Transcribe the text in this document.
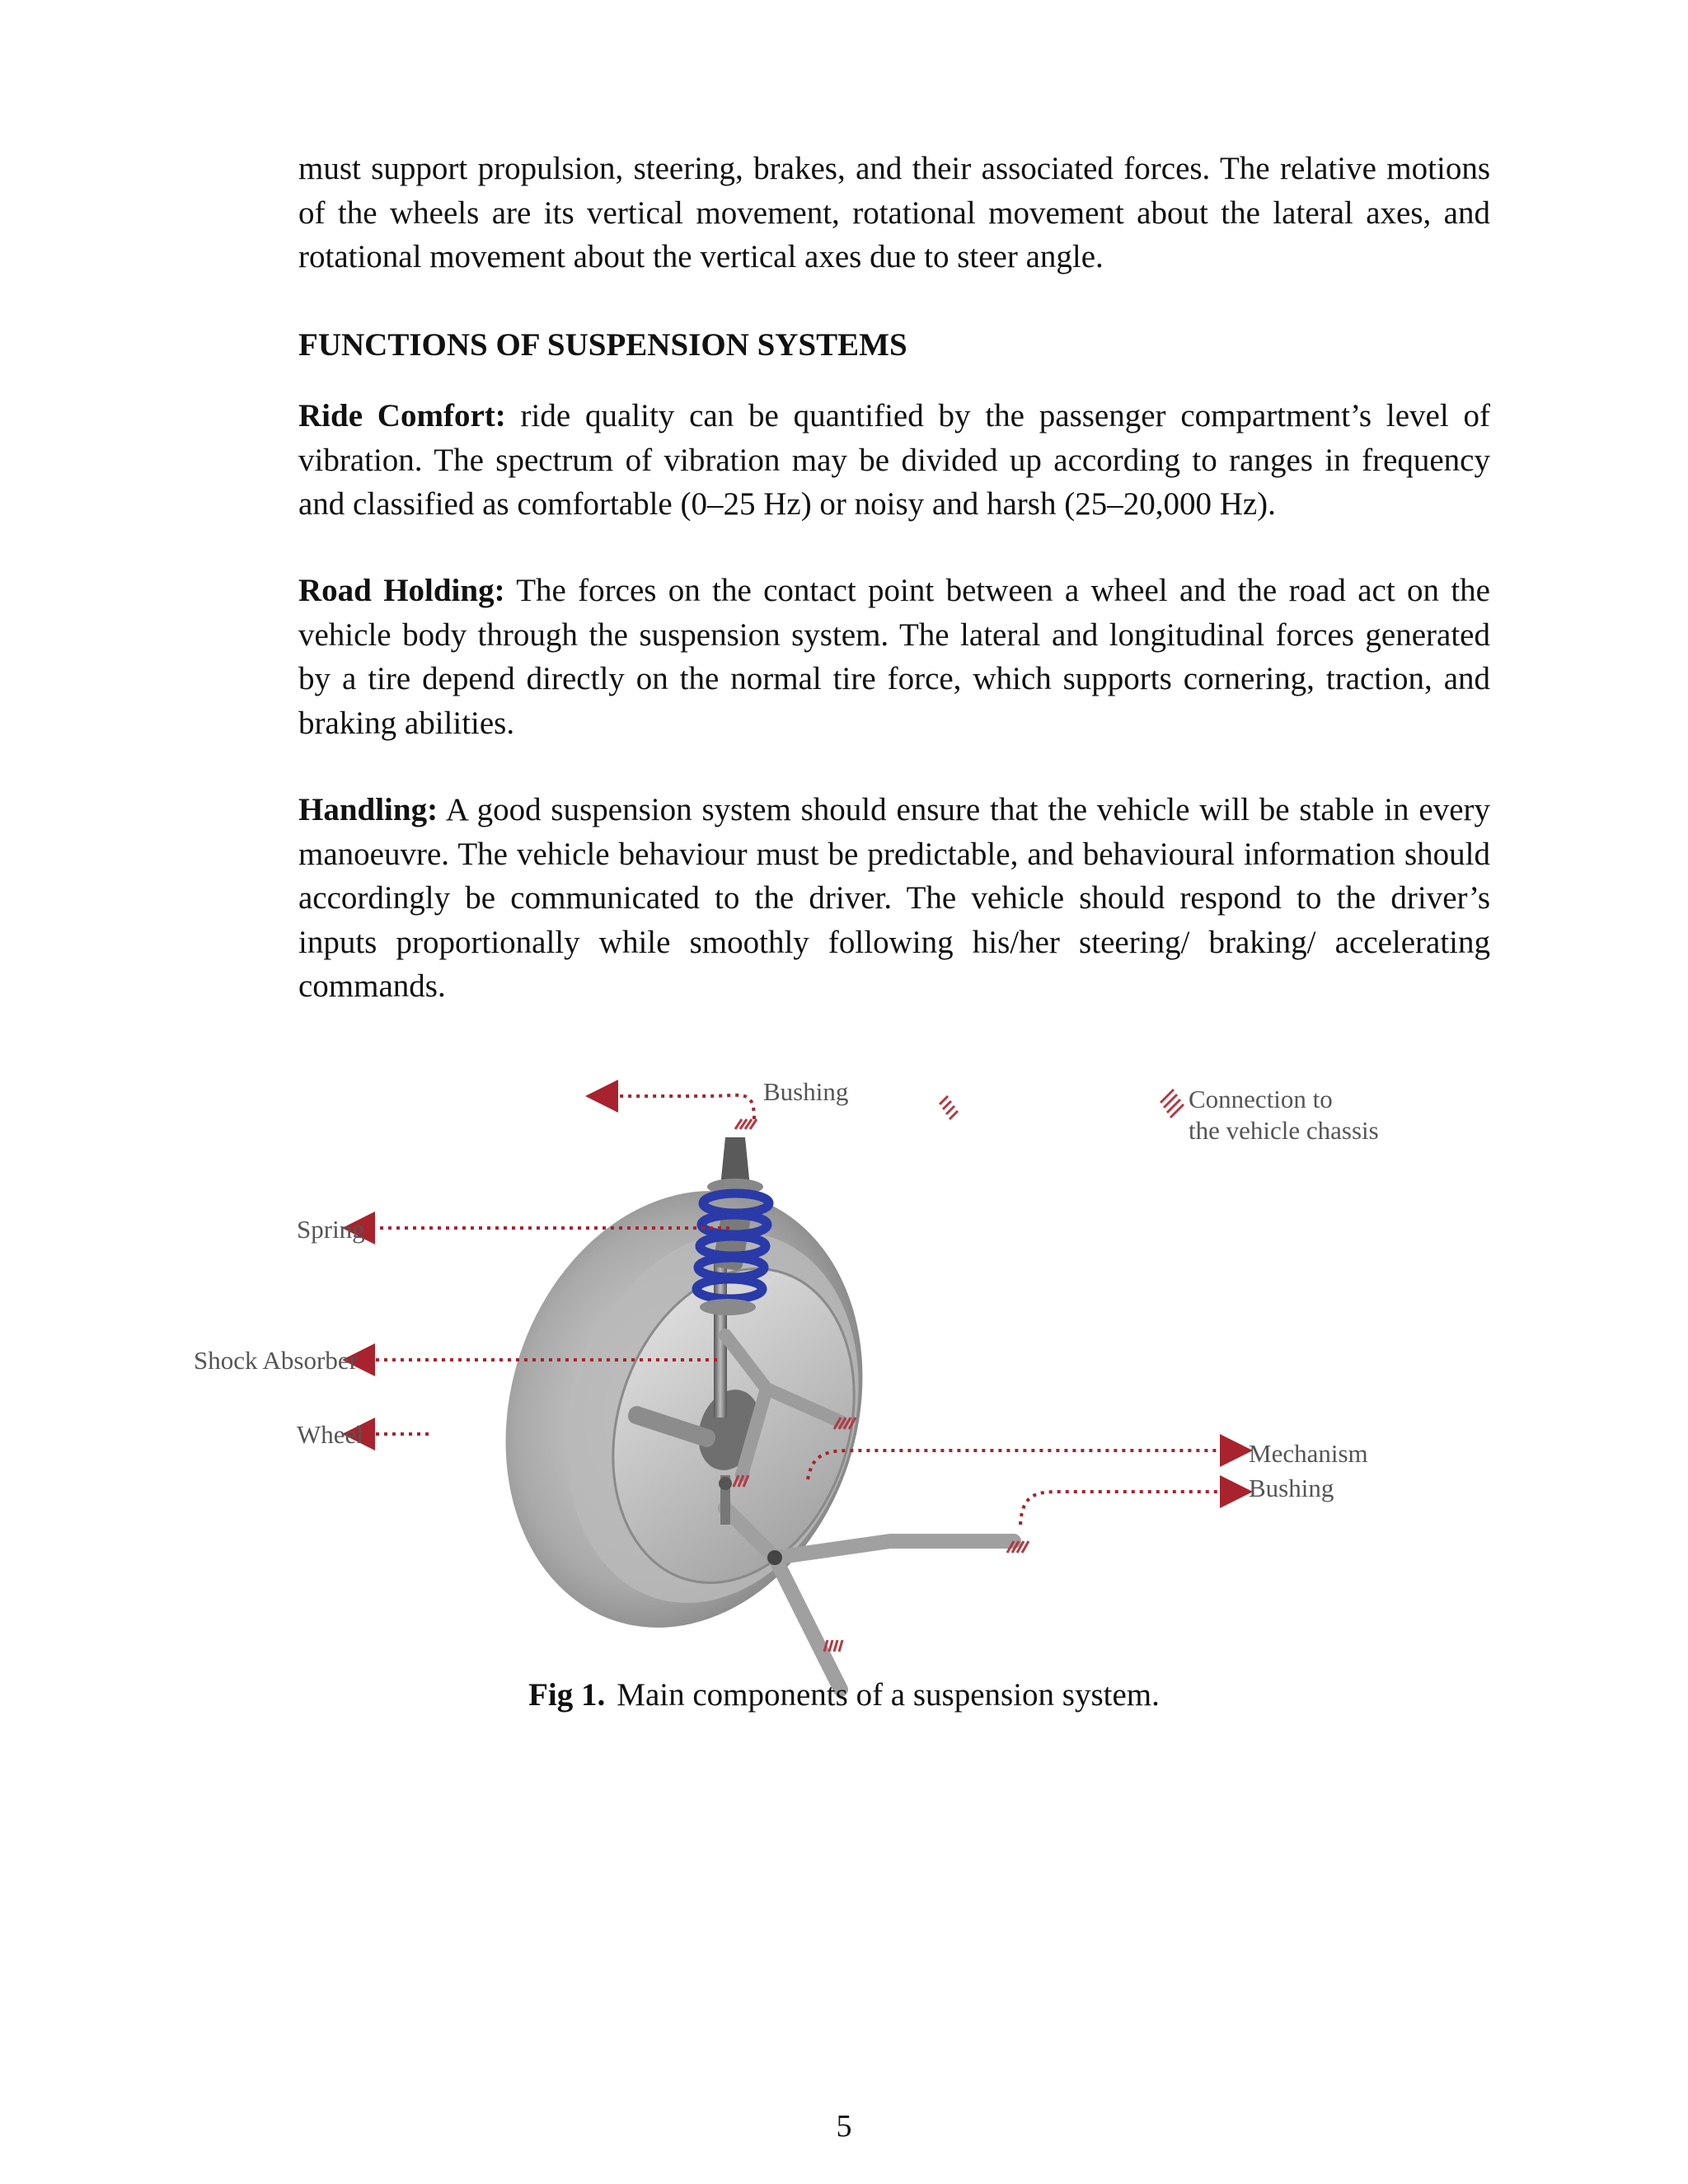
must support propulsion, steering, brakes, and their associated forces. The relative motions of the wheels are its vertical movement, rotational movement about the lateral axes, and rotational movement about the vertical axes due to steer angle.

FUNCTIONS OF SUSPENSION SYSTEMS

Ride Comfort: ride quality can be quantified by the passenger compartment’s level of vibration. The spectrum of vibration may be divided up according to ranges in frequency and classified as comfortable (0–25 Hz) or noisy and harsh (25–20,000 Hz).

Road Holding: The forces on the contact point between a wheel and the road act on the vehicle body through the suspension system. The lateral and longitudinal forces generated by a tire depend directly on the normal tire force, which supports cornering, traction, and braking abilities.

Handling: A good suspension system should ensure that the vehicle will be stable in every manoeuvre. The vehicle behaviour must be predictable, and behavioural information should accordingly be communicated to the driver. The vehicle should respond to the driver’s inputs proportionally while smoothly following his/her steering/ braking/ accelerating commands.

Bushing
Spring
Shock Absorber
Wheel
Mechanism
Bushing
Connection to
the vehicle chassis

Fig 1. Main components of a suspension system.

5
